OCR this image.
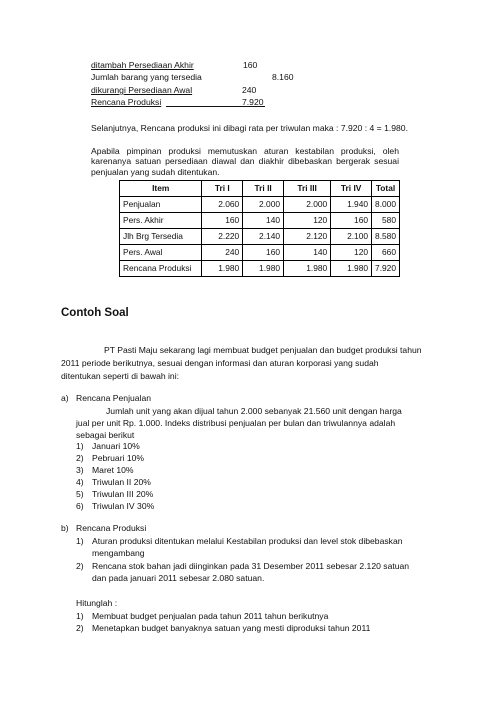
ditambah Persediaan Akhir	160
Jumlah barang yang tersedia	8.160
dikurangi Persediaan Awal	240
Rencana Produksi	7.920
Selanjutnya, Rencana produksi ini dibagi rata per triwulan maka : 7.920 : 4 = 1.980.
Apabila pimpinan produksi memutuskan aturan kestabilan produksi, oleh karenanya satuan persediaan diawal dan diakhir dibebaskan bergerak sesuai penjualan yang sudah ditentukan.
Item	Tri I	Tri II	Tri III	Tri IV	Total
Penjualan	2.060	2.000	2.000	1.940	8.000
Pers. Akhir	160	140	120	160	580
Jlh Brg Tersedia	2.220	2.140	2.120	2.100	8.580
Pers. Awal	240	160	140	120	660
Rencana Produksi	1.980	1.980	1.980	1.980	7.920
Contoh Soal
PT Pasti Maju sekarang lagi membuat budget penjualan dan budget produksi tahun
2011 periode berikutnya, sesuai dengan informasi dan aturan korporasi yang sudah
ditentukan seperti di bawah ini:
a) Rencana Penjualan
Jumlah unit yang akan dijual tahun 2.000 sebanyak 21.560 unit dengan harga
jual per unit Rp. 1.000. Indeks distribusi penjualan per bulan dan triwulannya adalah
sebagai berikut
1) Januari 10%
2) Pebruari 10%
3) Maret 10%
4) Triwulan II 20%
5) Triwulan III 20%
6) Triwulan IV 30%
b) Rencana Produksi
1) Aturan produksi ditentukan melalui Kestabilan produksi dan level stok dibebaskan
mengambang
2) Rencana stok bahan jadi diinginkan pada 31 Desember 2011 sebesar 2.120 satuan
dan pada januari 2011 sebesar 2.080 satuan.
Hitunglah :
1) Membuat budget penjualan pada tahun 2011 tahun berikutnya
2) Menetapkan budget banyaknya satuan yang mesti diproduksi tahun 2011
